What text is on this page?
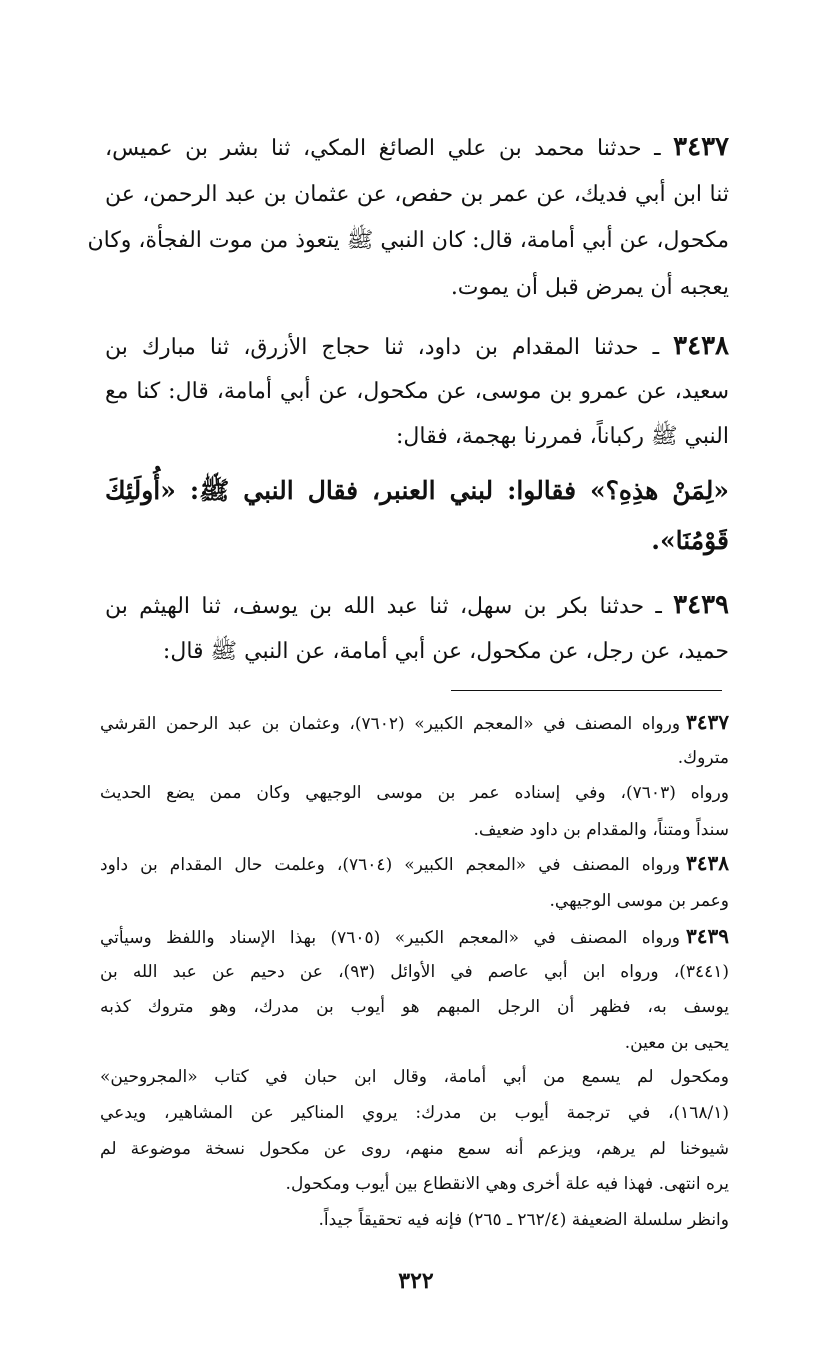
٣٤٣٧ ـ حدثنا محمد بن علي الصائغ المكي، ثنا بشر بن عميس،
ثنا ابن أبي فديك، عن عمر بن حفص، عن عثمان بن عبد الرحمن، عن
مكحول، عن أبي أمامة، قال: كان النبي ﷺ يتعوذ من موت الفجأة، وكان
يعجبه أن يمرض قبل أن يموت.
٣٤٣٨ ـ حدثنا المقدام بن داود، ثنا حجاج الأزرق، ثنا مبارك بن
سعيد، عن عمرو بن موسى، عن مكحول، عن أبي أمامة، قال: كنا مع
النبي ﷺ ركباناً، فمررنا بهجمة، فقال:
«لِمَنْ هذِهِ؟» فقالوا: لبني العنبر، فقال النبي ﷺ: «أُولَئِكَ
قَوْمُنَا».
٣٤٣٩ ـ حدثنا بكر بن سهل، ثنا عبد الله بن يوسف، ثنا الهيثم بن
حميد، عن رجل، عن مكحول، عن أبي أمامة، عن النبي ﷺ قال:
٣٤٣٧ورواه المصنف في «المعجم الكبير» (٧٦٠٢)، وعثمان بن عبد الرحمن القرشي
متروك.
ورواه (٧٦٠٣)، وفي إسناده عمر بن موسى الوجيهي وكان ممن يضع الحديث
سنداً ومتناً، والمقدام بن داود ضعيف.
٣٤٣٨ورواه المصنف في «المعجم الكبير» (٧٦٠٤)، وعلمت حال المقدام بن داود
وعمر بن موسى الوجيهي.
٣٤٣٩ورواه المصنف في «المعجم الكبير» (٧٦٠٥) بهذا الإسناد واللفظ وسيأتي
(٣٤٤١)، ورواه ابن أبي عاصم في الأوائل (٩٣)، عن دحيم عن عبد الله بن
يوسف به، فظهر أن الرجل المبهم هو أيوب بن مدرك، وهو متروك كذبه
يحيى بن معين.
ومكحول لم يسمع من أبي أمامة، وقال ابن حبان في كتاب «المجروحين»
(١٦٨/١)، في ترجمة أيوب بن مدرك: يروي المناكير عن المشاهير، ويدعي
شيوخنا لم يرهم، ويزعم أنه سمع منهم، روى عن مكحول نسخة موضوعة لم
يره انتهى. فهذا فيه علة أخرى وهي الانقطاع بين أيوب ومكحول.
وانظر سلسلة الضعيفة (٢٦٢/٤ ـ ٢٦٥) فإنه فيه تحقيقاً جيداً.
٣٢٢
